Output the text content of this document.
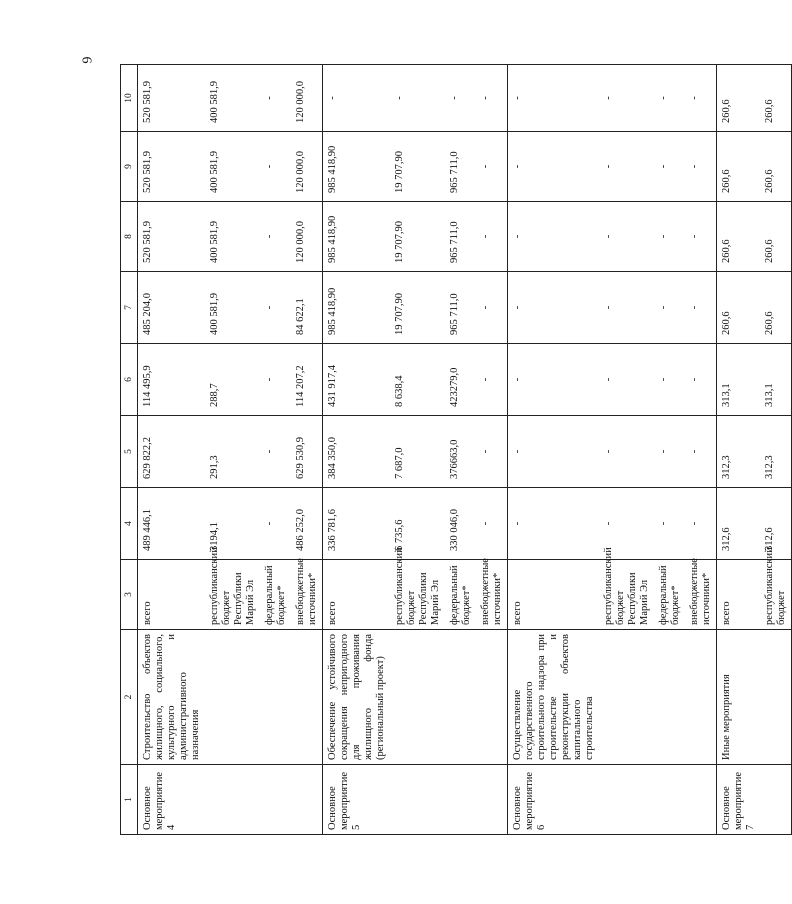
6
1	2	3	4	5	6	7	8	9	10
Основное мероприятие 4	Строительство объектов жилищного, социального, культурного и административного назначения	всего	489 446,1	629 822,2	114 495,9	485 204,0	520 581,9	520 581,9	520 581,9
		республиканский бюджет Республики Марий Эл	3194,1	291,3	288,7	400 581,9	400 581,9	400 581,9	400 581,9
		федеральный бюджет*	-	-	-	-	-	-	-
		внебюджетные источники*	486 252,0	629 530,9	114 207,2	84 622,1	120 000,0	120 000,0	120 000,0
Основное мероприятие 5	Обеспечение устойчивого сокращения непригодного для проживания жилищного фонда (региональный проект)	всего	336 781,6	384 350,0	431 917,4	985 418,90	985 418,90	985 418,90	-
		республиканский бюджет Республики Марий Эл	6 735,6	7 687,0	8 638,4	19 707,90	19 707,90	19 707,90	-
		федеральный бюджет*	330 046,0	376663,0	423279,0	965 711,0	965 711,0	965 711,0	-
		внебюджетные источники*	-	-	-	-	-	-	-
Основное мероприятие 6	Осуществление государственного строительного надзора при строительстве и реконструкции объектов капитального строительства	всего	-	-	-	-	-	-	-
		республиканский бюджет Республики Марий Эл	-	-	-	-	-	-	-
		федеральный бюджет*	-	-	-	-	-	-	-
		внебюджетные источники*	-	-	-	-	-	-	-
Основное мероприятие 7	Иные мероприятия	всего	312,6	312,3	313,1	260,6	260,6	260,6	260,6
		республиканский бюджет	312,6	312,3	313,1	260,6	260,6	260,6	260,6
